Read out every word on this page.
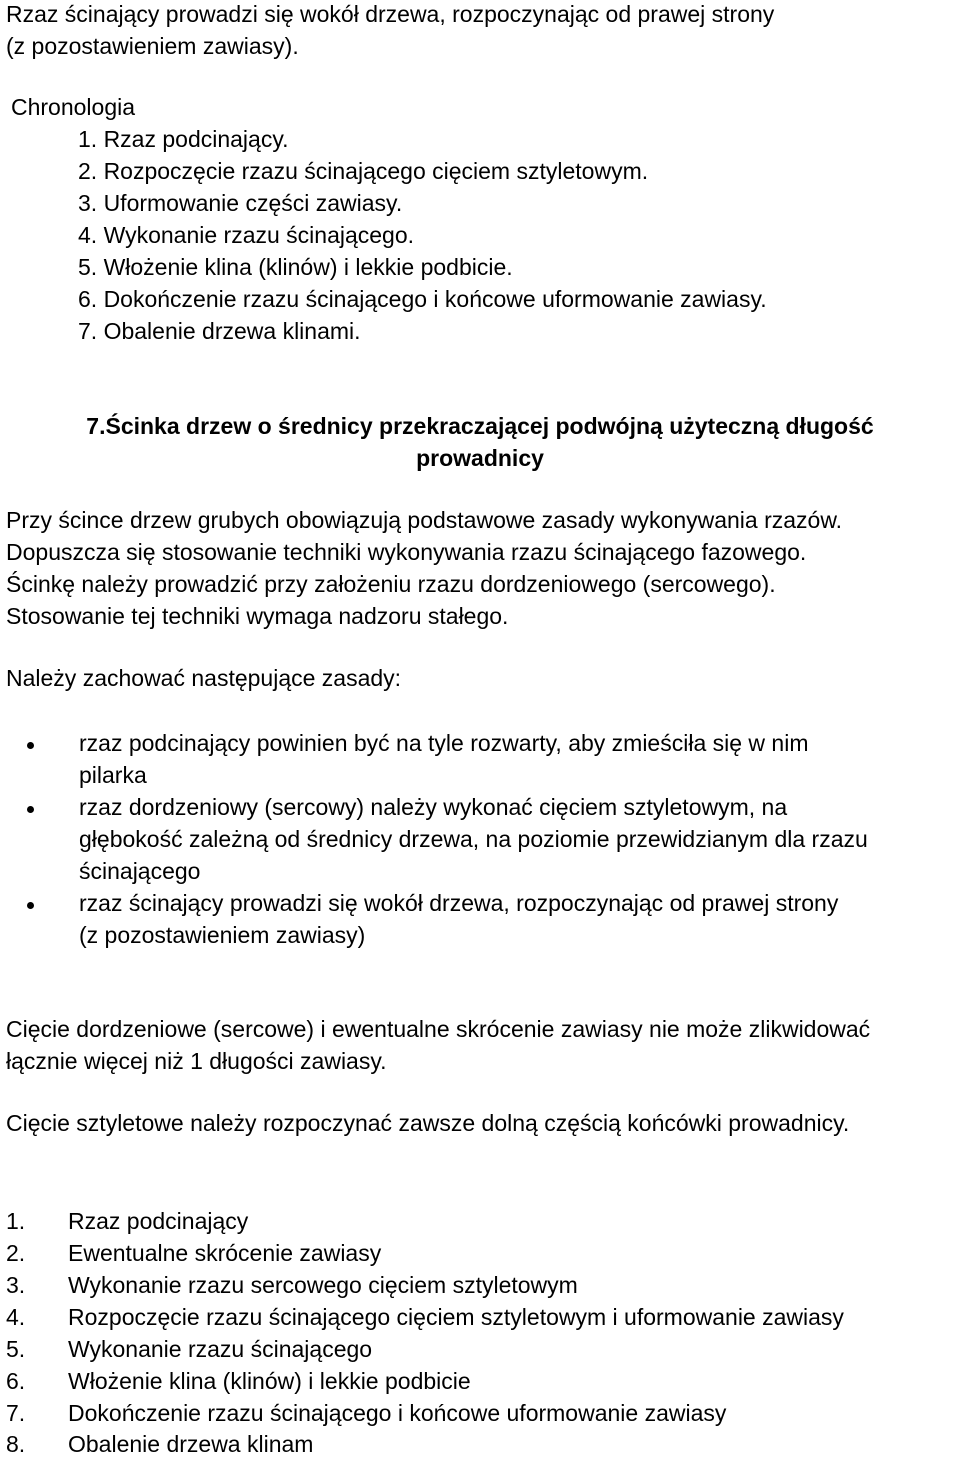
Rzaz ścinający prowadzi się wokół drzewa, rozpoczynając od prawej strony
(z pozostawieniem zawiasy).
Chronologia
1. Rzaz podcinający.
2. Rozpoczęcie rzazu ścinającego cięciem sztyletowym.
3. Uformowanie części zawiasy.
4. Wykonanie rzazu ścinającego.
5. Włożenie klina (klinów) i lekkie podbicie.
6. Dokończenie rzazu ścinającego i końcowe uformowanie zawiasy.
7. Obalenie drzewa klinami.
7.Ścinka drzew o średnicy przekraczającej podwójną użyteczną długość
prowadnicy
Przy ścince drzew grubych obowiązują podstawowe zasady wykonywania rzazów.
Dopuszcza się stosowanie techniki wykonywania rzazu ścinającego fazowego.
Ścinkę należy prowadzić przy założeniu rzazu dordzeniowego (sercowego).
Stosowanie tej techniki wymaga nadzoru stałego.
Należy zachować następujące zasady:
rzaz podcinający powinien być na tyle rozwarty, aby zmieściła się w nim
pilarka
rzaz dordzeniowy (sercowy) należy wykonać cięciem sztyletowym, na
głębokość zależną od średnicy drzewa, na poziomie przewidzianym dla rzazu
ścinającego
rzaz ścinający prowadzi się wokół drzewa, rozpoczynając od prawej strony
(z pozostawieniem zawiasy)
Cięcie dordzeniowe (sercowe) i ewentualne skrócenie zawiasy nie może zlikwidować
łącznie więcej niż 1 długości zawiasy.
Cięcie sztyletowe należy rozpoczynać zawsze dolną częścią końcówki prowadnicy.
1. Rzaz podcinający
2. Ewentualne skrócenie zawiasy
3. Wykonanie rzazu sercowego cięciem sztyletowym
4. Rozpoczęcie rzazu ścinającego cięciem sztyletowym i uformowanie zawiasy
5. Wykonanie rzazu ścinającego
6. Włożenie klina (klinów) i lekkie podbicie
7. Dokończenie rzazu ścinającego i końcowe uformowanie zawiasy
8. Obalenie drzewa klinam
